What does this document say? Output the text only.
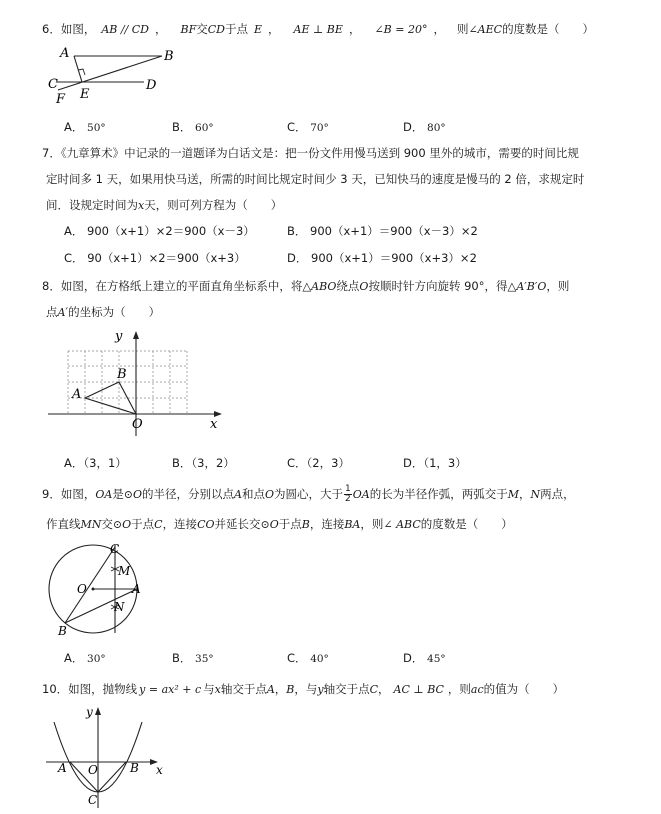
6．如图， AB // CD ， BF交CD于点 E ， AE ⊥ BE ， ∠B = 20° ， 则∠AEC的度数是（　　）
A	B
C	D
E
F
A． 50°	B． 60°	C． 70°	D． 80°
7．《九章算术》中记录的一道题译为白话文是：把一份文件用慢马送到 900 里外的城市，需要的时间比规
定时间多 1 天，如果用快马送，所需的时间比规定时间少 3 天，已知快马的速度是慢马的 2 倍，求规定时
间．设规定时间为x天，则可列方程为（　　）
A． 900（x+1）×2＝900（x－3）	B． 900（x+1）＝900（x－3）×2
C． 90（x+1）×2＝900（x+3）	D． 900（x+1）＝900（x+3）×2
8．如图，在方格纸上建立的平面直角坐标系中，将△ABO绕点O按顺时针方向旋转 90°，得△A′B′O，则
点A′的坐标为（　　）
y
x
O
A
B
A．（3，1）	B．（3，2）	C．（2，3）	D．（1，3）
9．如图，OA是⊙O的半径，分别以点A和点O为圆心，大于 $\frac{1}{2}$ OA的长为半径作弧，两弧交于M，N两点，
作直线MN交⊙O于点C，连接CO并延长交⊙O于点B，连接BA，则∠ ABC的度数是（　　）
C
M
O	A
N
B
A． 30°	B． 35°	C． 40°	D． 45°
10．如图，抛物线 y = ax² + c 与x轴交于点A，B，与y轴交于点C， AC ⊥ BC ，则ac的值为（　　）
y
x
A O	B
C
